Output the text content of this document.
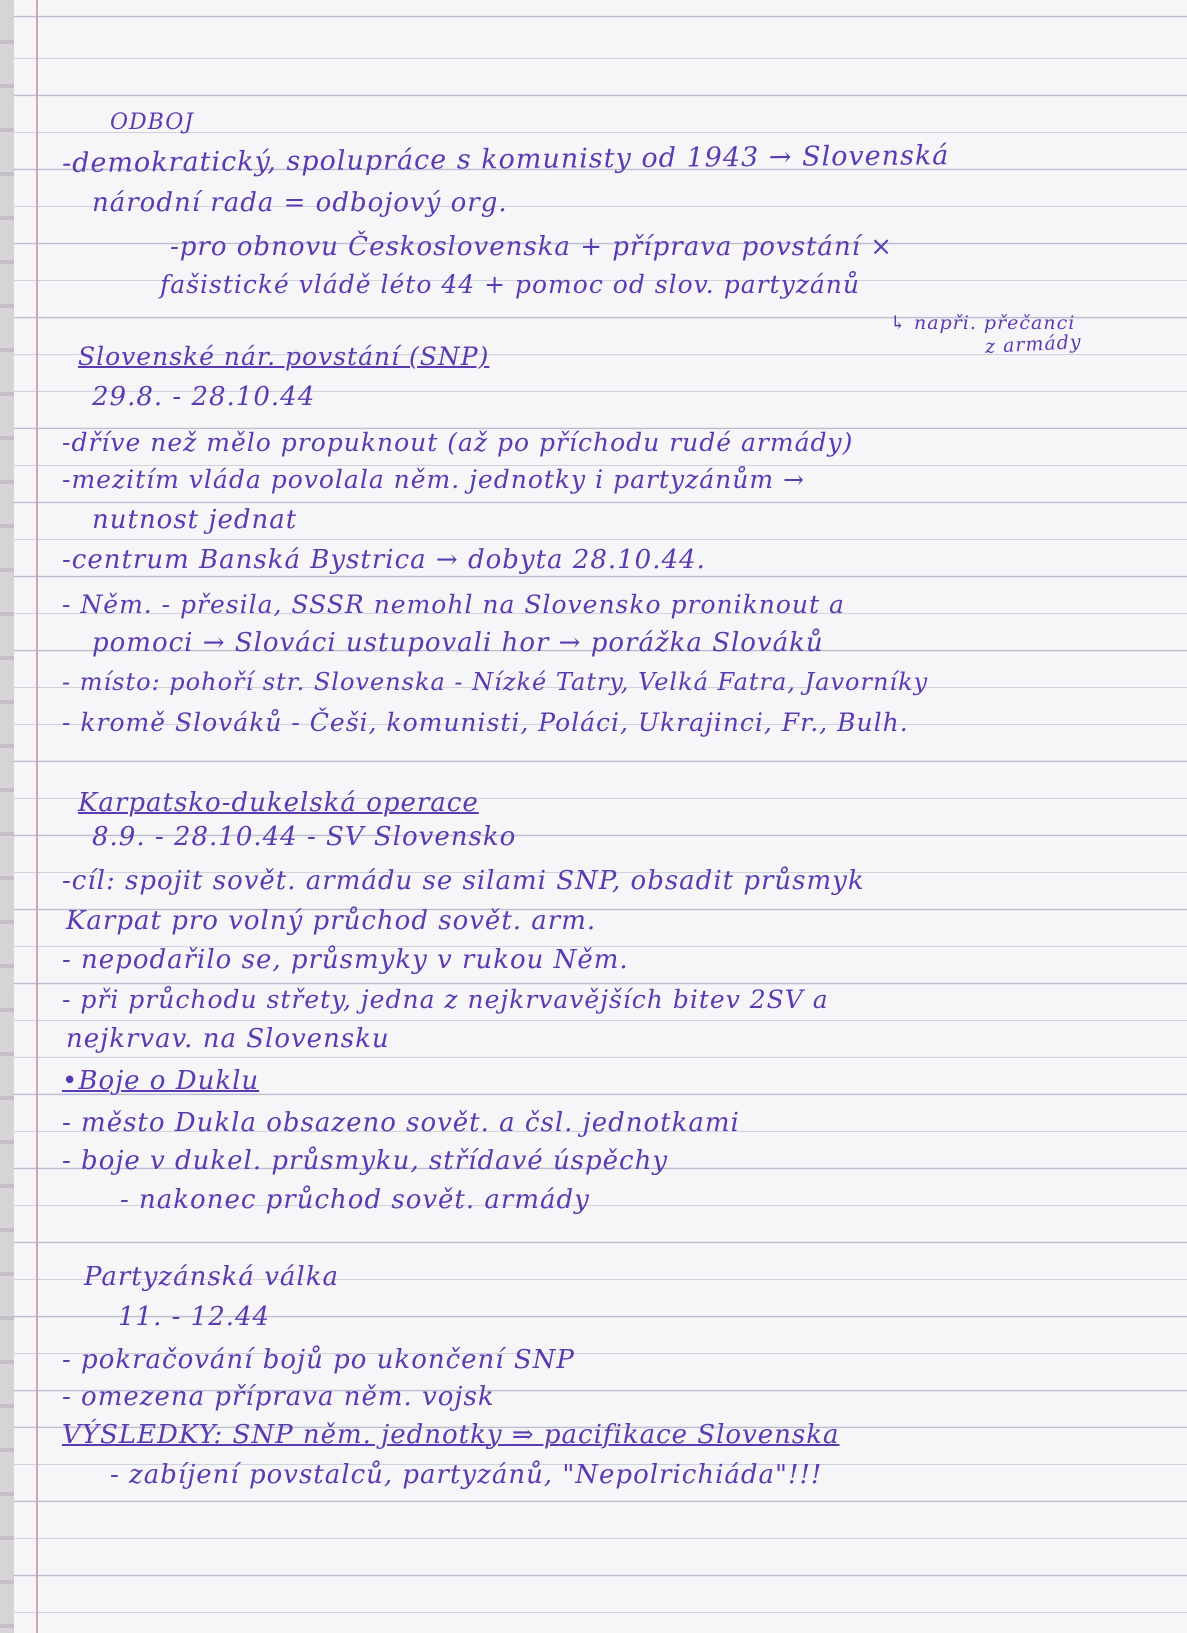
ODBOJ
-demokratický, spolupráce s komunisty od 1943 → Slovenská
národní rada = odbojový org.
-pro obnovu Československa + příprava povstání ×
fašistické vládě léto 44 + pomoc od slov. partyzánů
↳ napři. přečanci
z armády
Slovenské nár. povstání (SNP)
29.8. - 28.10.44
-dříve než mělo propuknout (až po příchodu rudé armády)
-mezitím vláda povolala něm. jednotky i partyzánům →
nutnost jednat
-centrum Banská Bystrica → dobyta 28.10.44.
- Něm. - přesila, SSSR nemohl na Slovensko proniknout a
pomoci → Slováci ustupovali hor → porážka Slováků
- místo: pohoří str. Slovenska - Nízké Tatry, Velká Fatra, Javorníky
- kromě Slováků - Češi, komunisti, Poláci, Ukrajinci, Fr., Bulh.
Karpatsko-dukelská operace
8.9. - 28.10.44 - SV Slovensko
-cíl: spojit sovět. armádu se silami SNP, obsadit průsmyk
Karpat pro volný průchod sovět. arm.
- nepodařilo se, průsmyky v rukou Něm.
- při průchodu střety, jedna z nejkrvavějších bitev 2SV a
nejkrvav. na Slovensku
•Boje o Duklu
- město Dukla obsazeno sovět. a čsl. jednotkami
- boje v dukel. průsmyku, střídavé úspěchy
- nakonec průchod sovět. armády
Partyzánská válka
11. - 12.44
- pokračování bojů po ukončení SNP
- omezena příprava něm. vojsk
VÝSLEDKY: SNP něm. jednotky ⇒ pacifikace Slovenska
- zabíjení povstalců, partyzánů, "Nepolrichiáda"!!!
